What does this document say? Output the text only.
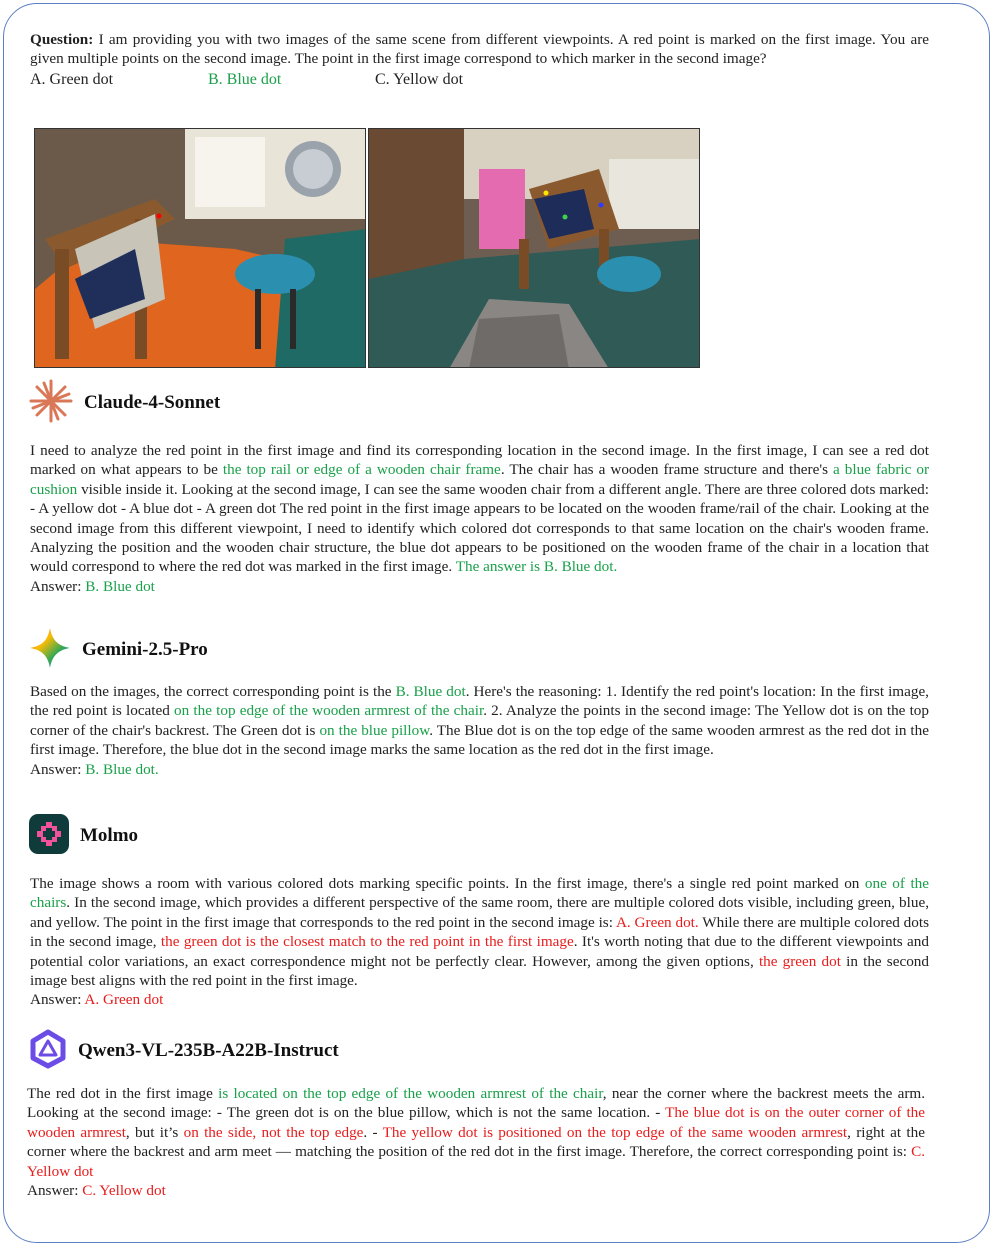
Question: I am providing you with two images of the same scene from different viewpoints. A red point is marked on the first image. You are given multiple points on the second image. The point in the first image correspond to which marker in the second image?

A. Green dot	B. Blue dot	C. Yellow dot
Claude-4-Sonnet

I need to analyze the red point in the first image and find its corresponding location in the second image. In the first image, I can see a red dot marked on what appears to be the top rail or edge of a wooden chair frame. The chair has a wooden frame structure and there's a blue fabric or cushion visible inside it. Looking at the second image, I can see the same wooden chair from a different angle. There are three colored dots marked: - A yellow dot - A blue dot - A green dot The red point in the first image appears to be located on the wooden frame/rail of the chair. Looking at the second image from this different viewpoint, I need to identify which colored dot corresponds to that same location on the chair's wooden frame. Analyzing the position and the wooden chair structure, the blue dot appears to be positioned on the wooden frame of the chair in a location that would correspond to where the red dot was marked in the first image. The answer is B. Blue dot.

Answer: B. Blue dot

Gemini-2.5-Pro

Based on the images, the correct corresponding point is the B. Blue dot. Here's the reasoning: 1. Identify the red point's location: In the first image, the red point is located on the top edge of the wooden armrest of the chair. 2. Analyze the points in the second image: The Yellow dot is on the top corner of the chair's backrest. The Green dot is on the blue pillow. The Blue dot is on the top edge of the same wooden armrest as the red dot in the first image. Therefore, the blue dot in the second image marks the same location as the red dot in the first image.

Answer: B. Blue dot.

Molmo

The image shows a room with various colored dots marking specific points. In the first image, there's a single red point marked on one of the chairs. In the second image, which provides a different perspective of the same room, there are multiple colored dots visible, including green, blue, and yellow. The point in the first image that corresponds to the red point in the second image is: A. Green dot. While there are multiple colored dots in the second image, the green dot is the closest match to the red point in the first image. It's worth noting that due to the different viewpoints and potential color variations, an exact correspondence might not be perfectly clear. However, among the given options, the green dot in the second image best aligns with the red point in the first image.

Answer: A. Green dot

Qwen3-VL-235B-A22B-Instruct

The red dot in the first image is located on the top edge of the wooden armrest of the chair, near the corner where the backrest meets the arm. Looking at the second image: - The green dot is on the blue pillow, which is not the same location. - The blue dot is on the outer corner of the wooden armrest, but it’s on the side, not the top edge. - The yellow dot is positioned on the top edge of the same wooden armrest, right at the corner where the backrest and arm meet — matching the position of the red dot in the first image. Therefore, the correct corresponding point is: C. Yellow dot

Answer: C. Yellow dot
